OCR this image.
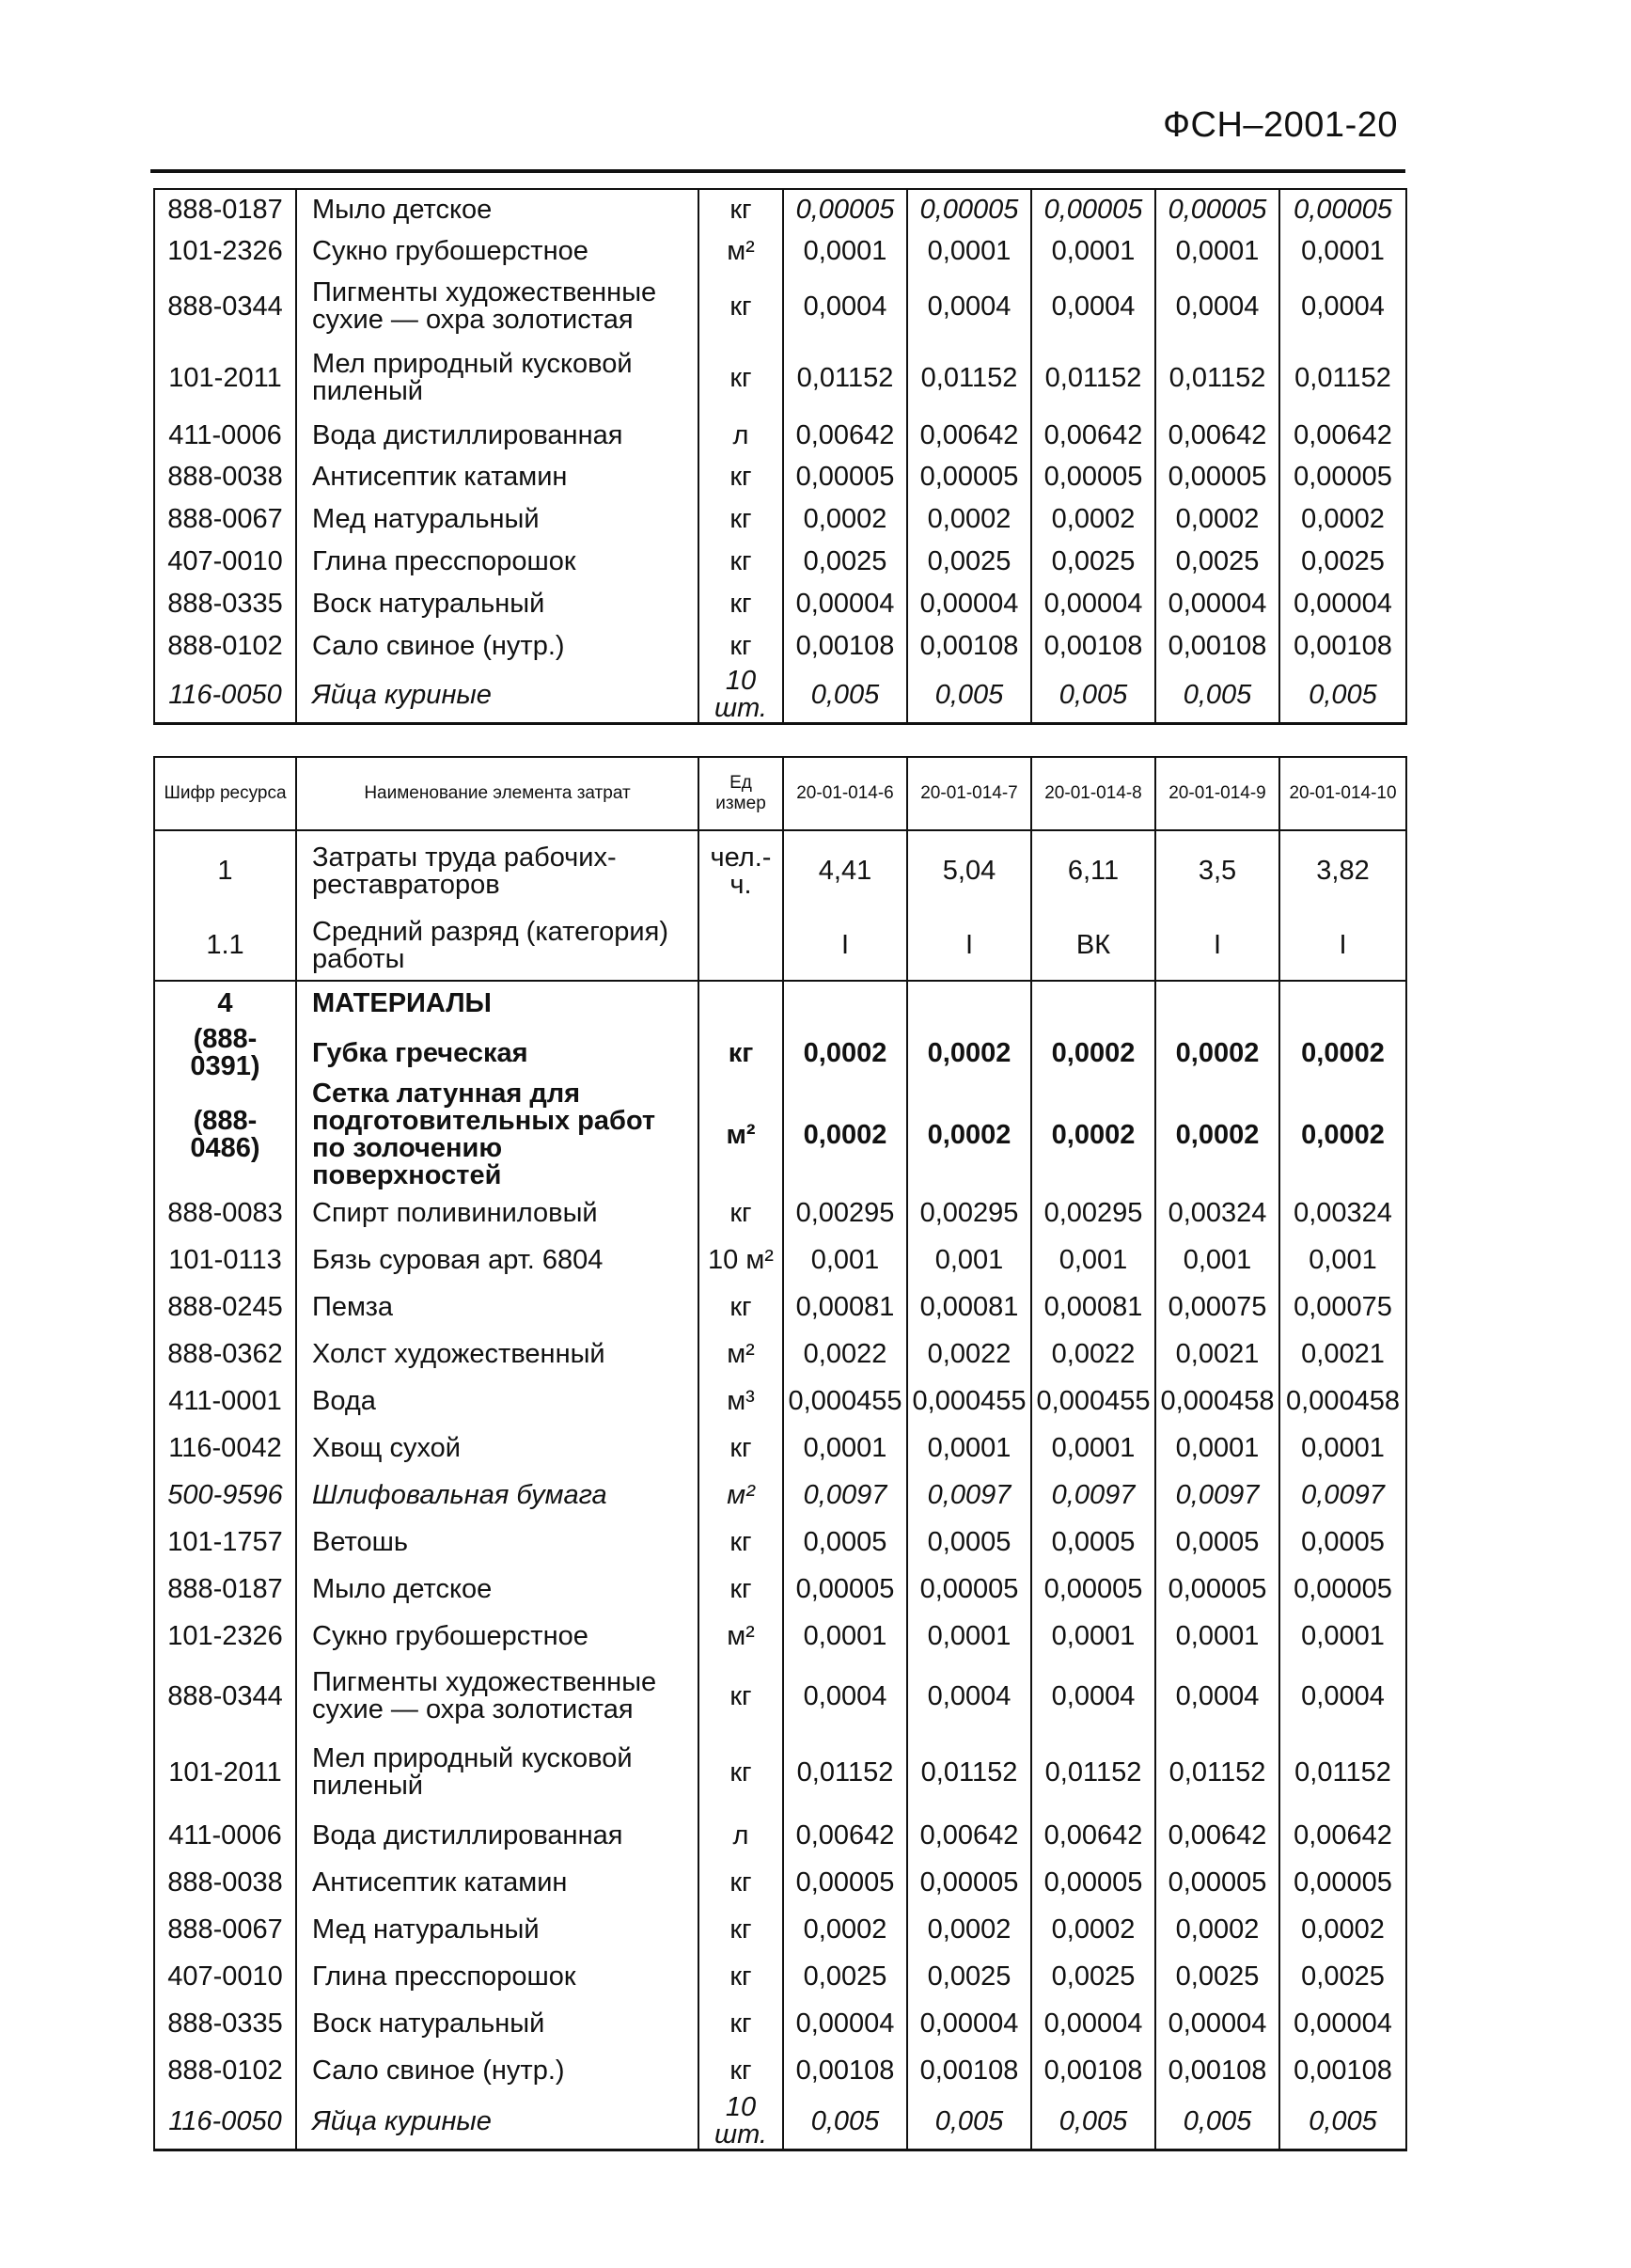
ФСН–2001-20
888-0187	Мыло детское	кг	0,00005	0,00005	0,00005	0,00005	0,00005
101-2326	Сукно грубошерстное	м²	0,0001	0,0001	0,0001	0,0001	0,0001
888-0344	Пигменты художественные сухие — охра золотистая	кг	0,0004	0,0004	0,0004	0,0004	0,0004
101-2011	Мел природный кусковой пиленый	кг	0,01152	0,01152	0,01152	0,01152	0,01152
411-0006	Вода дистиллированная	л	0,00642	0,00642	0,00642	0,00642	0,00642
888-0038	Антисептик катамин	кг	0,00005	0,00005	0,00005	0,00005	0,00005
888-0067	Мед натуральный	кг	0,0002	0,0002	0,0002	0,0002	0,0002
407-0010	Глина пресспорошок	кг	0,0025	0,0025	0,0025	0,0025	0,0025
888-0335	Воск натуральный	кг	0,00004	0,00004	0,00004	0,00004	0,00004
888-0102	Сало свиное (нутр.)	кг	0,00108	0,00108	0,00108	0,00108	0,00108
116-0050	Яйца куриные	10 шт.	0,005	0,005	0,005	0,005	0,005
Шифр ресурса	Наименование элемента затрат	Ед измер	20-01-014-6	20-01-014-7	20-01-014-8	20-01-014-9	20-01-014-10
1	Затраты труда рабочих-реставраторов	чел.-ч.	4,41	5,04	6,11	3,5	3,82
1.1	Средний разряд (категория) работы		I	I	ВК	I	I
4	МАТЕРИАЛЫ						
(888-0391)	Губка греческая	кг	0,0002	0,0002	0,0002	0,0002	0,0002
(888-0486)	Сетка латунная для подготовительных работ по золочению поверхностей	м²	0,0002	0,0002	0,0002	0,0002	0,0002
888-0083	Спирт поливиниловый	кг	0,00295	0,00295	0,00295	0,00324	0,00324
101-0113	Бязь суровая арт. 6804	10 м²	0,001	0,001	0,001	0,001	0,001
888-0245	Пемза	кг	0,00081	0,00081	0,00081	0,00075	0,00075
888-0362	Холст художественный	м²	0,0022	0,0022	0,0022	0,0021	0,0021
411-0001	Вода	м³	0,000455	0,000455	0,000455	0,000458	0,000458
116-0042	Хвощ сухой	кг	0,0001	0,0001	0,0001	0,0001	0,0001
500-9596	Шлифовальная бумага	м²	0,0097	0,0097	0,0097	0,0097	0,0097
101-1757	Ветошь	кг	0,0005	0,0005	0,0005	0,0005	0,0005
888-0187	Мыло детское	кг	0,00005	0,00005	0,00005	0,00005	0,00005
101-2326	Сукно грубошерстное	м²	0,0001	0,0001	0,0001	0,0001	0,0001
888-0344	Пигменты художественные сухие — охра золотистая	кг	0,0004	0,0004	0,0004	0,0004	0,0004
101-2011	Мел природный кусковой пиленый	кг	0,01152	0,01152	0,01152	0,01152	0,01152
411-0006	Вода дистиллированная	л	0,00642	0,00642	0,00642	0,00642	0,00642
888-0038	Антисептик катамин	кг	0,00005	0,00005	0,00005	0,00005	0,00005
888-0067	Мед натуральный	кг	0,0002	0,0002	0,0002	0,0002	0,0002
407-0010	Глина пресспорошок	кг	0,0025	0,0025	0,0025	0,0025	0,0025
888-0335	Воск натуральный	кг	0,00004	0,00004	0,00004	0,00004	0,00004
888-0102	Сало свиное (нутр.)	кг	0,00108	0,00108	0,00108	0,00108	0,00108
116-0050	Яйца куриные	10 шт.	0,005	0,005	0,005	0,005	0,005
